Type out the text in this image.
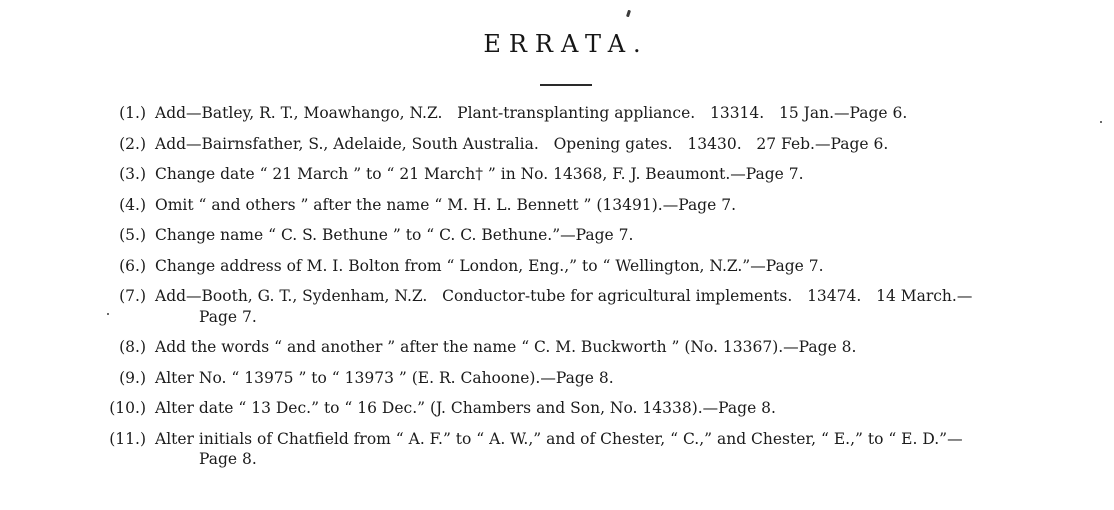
ERRATA.
(1.) Add—Batley, R. T., Moawhango, N.Z.   Plant-transplanting appliance.   13314.   15 Jan.—Page 6.
(2.) Add—Bairnsfather, S., Adelaide, South Australia.   Opening gates.   13430.   27 Feb.—Page 6.
(3.) Change date “ 21 March ” to “ 21 March† ” in No. 14368, F. J. Beaumont.—Page 7.
(4.) Omit “ and others ” after the name “ M. H. L. Bennett ” (13491).—Page 7.
(5.) Change name “ C. S. Bethune ” to “ C. C. Bethune.”—Page 7.
(6.) Change address of M. I. Bolton from “ London, Eng.,” to “ Wellington, N.Z.”—Page 7.
(7.) Add—Booth, G. T., Sydenham, N.Z.   Conductor-tube for agricultural implements.   13474.   14 March.—
Page 7.
(8.) Add the words “ and another ” after the name “ C. M. Buckworth ” (No. 13367).—Page 8.
(9.) Alter No. “ 13975 ” to “ 13973 ” (E. R. Cahoone).—Page 8.
(10.) Alter date “ 13 Dec.” to “ 16 Dec.” (J. Chambers and Son, No. 14338).—Page 8.
(11.) Alter initials of Chatfield from “ A. F.” to “ A. W.,” and of Chester, “ C.,” and Chester, “ E.,” to “ E. D.”—
Page 8.
